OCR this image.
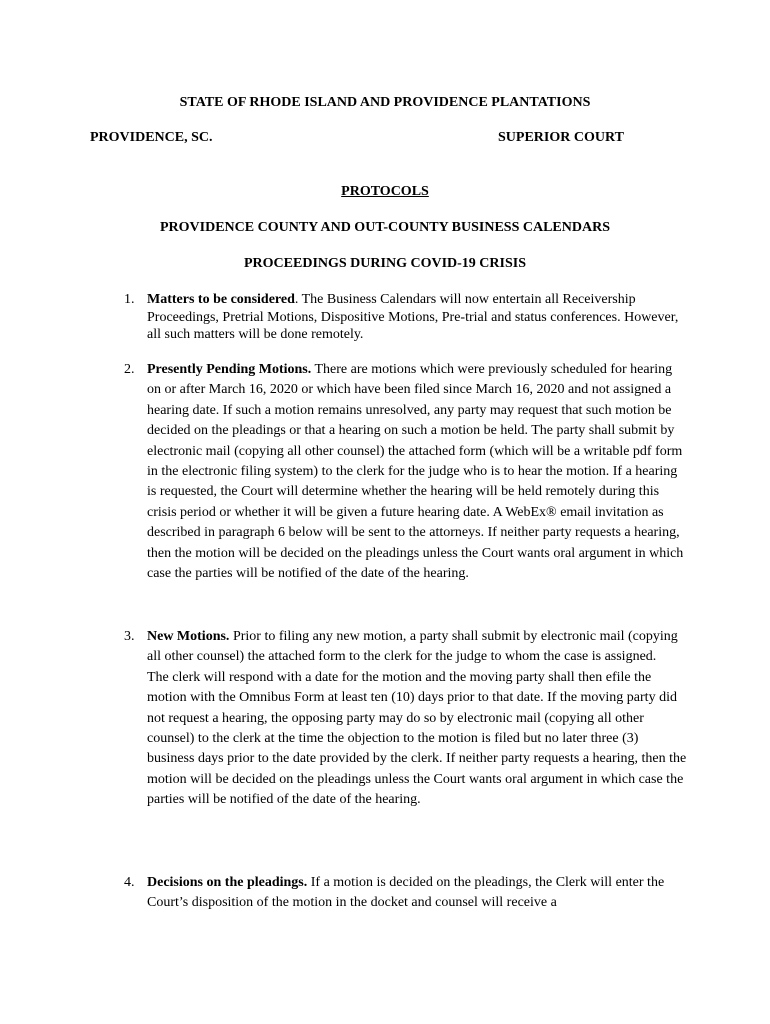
STATE OF RHODE ISLAND AND PROVIDENCE PLANTATIONS
PROVIDENCE, SC.	SUPERIOR COURT
PROTOCOLS
PROVIDENCE COUNTY AND OUT-COUNTY BUSINESS CALENDARS
PROCEEDINGS DURING COVID-19 CRISIS
1. Matters to be considered. The Business Calendars will now entertain all Receivership Proceedings, Pretrial Motions, Dispositive Motions, Pre-trial and status conferences. However, all such matters will be done remotely.

2. Presently Pending Motions. There are motions which were previously scheduled for hearing on or after March 16, 2020 or which have been filed since March 16, 2020 and not assigned a hearing date. If such a motion remains unresolved, any party may request that such motion be decided on the pleadings or that a hearing on such a motion be held. The party shall submit by electronic mail (copying all other counsel) the attached form (which will be a writable pdf form in the electronic filing system) to the clerk for the judge who is to hear the motion. If a hearing is requested, the Court will determine whether the hearing will be held remotely during this crisis period or whether it will be given a future hearing date. A WebEx® email invitation as described in paragraph 6 below will be sent to the attorneys. If neither party requests a hearing, then the motion will be decided on the pleadings unless the Court wants oral argument in which case the parties will be notified of the date of the hearing.

3. New Motions. Prior to filing any new motion, a party shall submit by electronic mail (copying all other counsel) the attached form to the clerk for the judge to whom the case is assigned.

The clerk will respond with a date for the motion and the moving party shall then efile the motion with the Omnibus Form at least ten (10) days prior to that date. If the moving party did not request a hearing, the opposing party may do so by electronic mail (copying all other counsel) to the clerk at the time the objection to the motion is filed but no later three (3) business days prior to the date provided by the clerk. If neither party requests a hearing, then the motion will be decided on the pleadings unless the Court wants oral argument in which case the parties will be notified of the date of the hearing.

4. Decisions on the pleadings. If a motion is decided on the pleadings, the Clerk will enter the Court’s disposition of the motion in the docket and counsel will receive a
